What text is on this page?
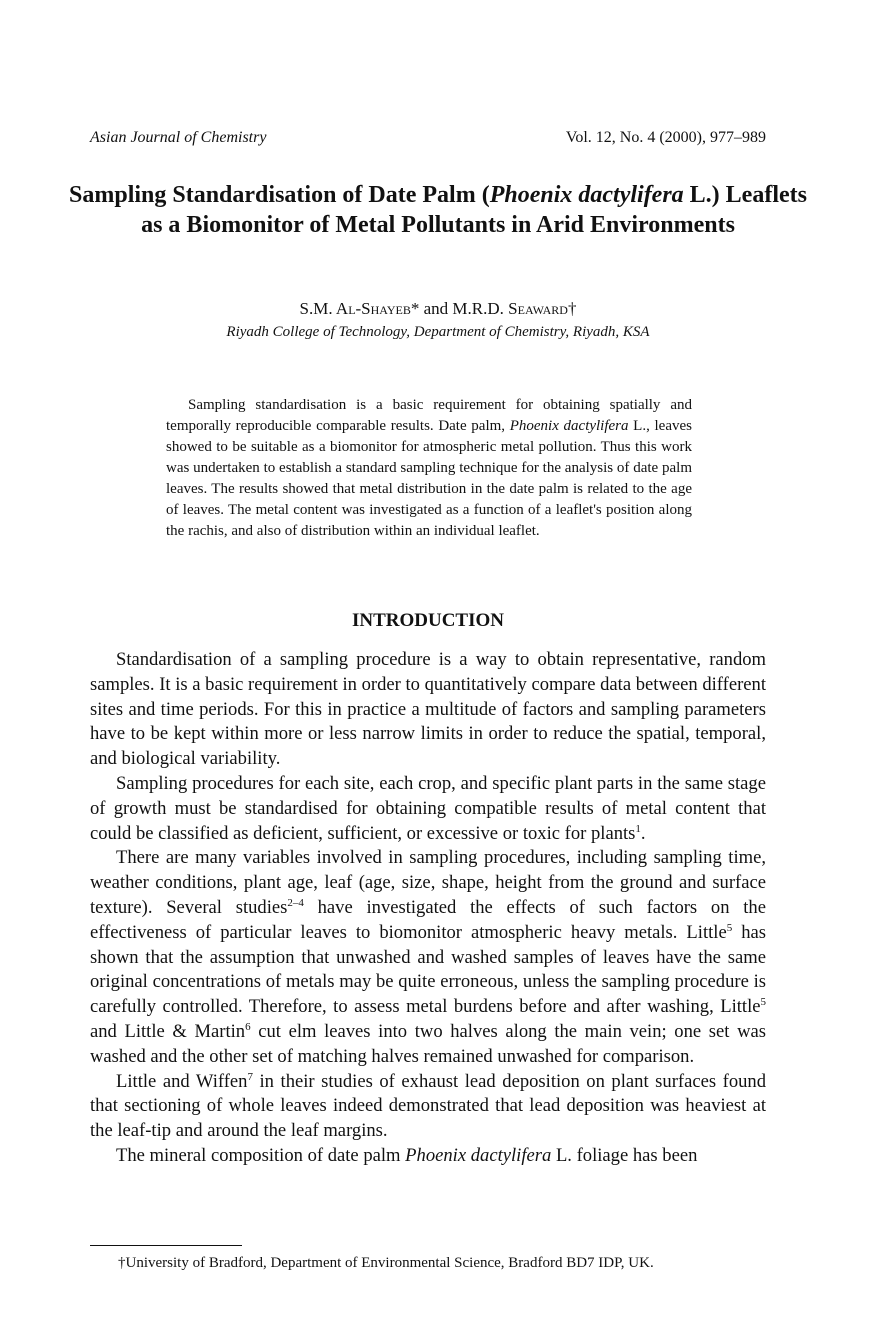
Asian Journal of Chemistry	Vol. 12, No. 4 (2000), 977–989
Sampling Standardisation of Date Palm (Phoenix dactylifera L.) Leaflets as a Biomonitor of Metal Pollutants in Arid Environments
S.M. Al-Shayeb* and M.R.D. Seaward†
Riyadh College of Technology, Department of Chemistry, Riyadh, KSA

Sampling standardisation is a basic requirement for obtaining spatially and temporally reproducible comparable results. Date palm, Phoenix dactylifera L., leaves showed to be suitable as a biomonitor for atmospheric metal pollution. Thus this work was undertaken to establish a standard sampling technique for the analysis of date palm leaves. The results showed that metal distribution in the date palm is related to the age of leaves. The metal content was investigated as a function of a leaflet's position along the rachis, and also of distribution within an individual leaflet.

INTRODUCTION

Standardisation of a sampling procedure is a way to obtain representative, random samples. It is a basic requirement in order to quantitatively compare data between different sites and time periods. For this in practice a multitude of factors and sampling parameters have to be kept within more or less narrow limits in order to reduce the spatial, temporal, and biological variability.

Sampling procedures for each site, each crop, and specific plant parts in the same stage of growth must be standardised for obtaining compatible results of metal content that could be classified as deficient, sufficient, or excessive or toxic for plants$^1$.

There are many variables involved in sampling procedures, including sampling time, weather conditions, plant age, leaf (age, size, shape, height from the ground and surface texture). Several studies$^{2-4}$ have investigated the effects of such factors on the effectiveness of particular leaves to biomonitor atmospheric heavy metals. Little$^5$ has shown that the assumption that unwashed and washed samples of leaves have the same original concentrations of metals may be quite erroneous, unless the sampling procedure is carefully controlled. Therefore, to assess metal burdens before and after washing, Little$^5$ and Little & Martin$^6$ cut elm leaves into two halves along the main vein; one set was washed and the other set of matching halves remained unwashed for comparison.

Little and Wiffen$^7$ in their studies of exhaust lead deposition on plant surfaces found that sectioning of whole leaves indeed demonstrated that lead deposition was heaviest at the leaf-tip and around the leaf margins.

The mineral composition of date palm Phoenix dactylifera L. foliage has been

†University of Bradford, Department of Environmental Science, Bradford BD7 IDP, UK.
